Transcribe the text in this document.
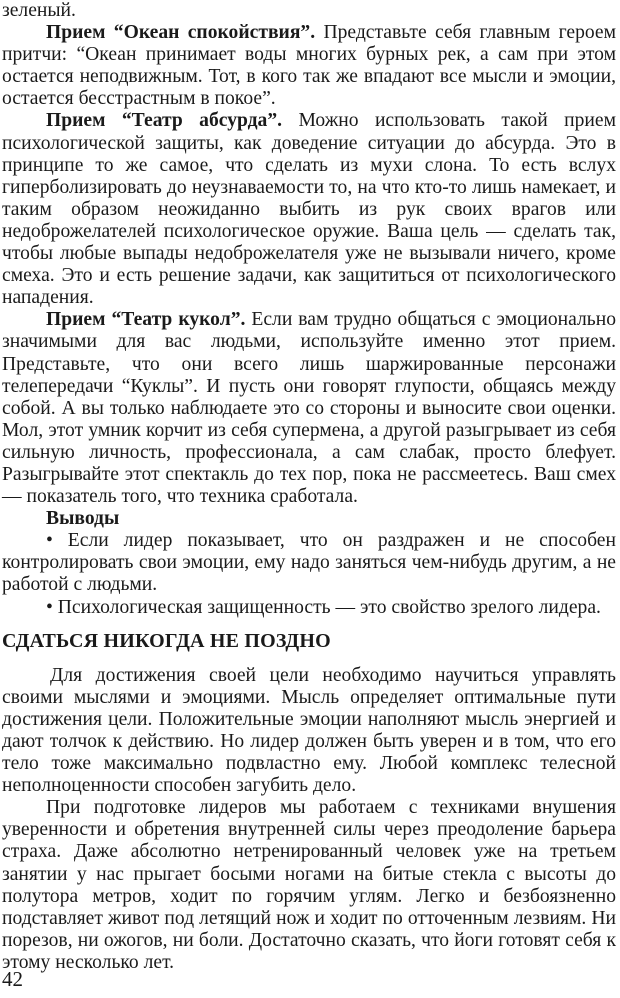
зеленый.

Прием “Океан спокойствия”. Представьте себя главным героем притчи: “Океан принимает воды многих бурных рек, а сам при этом остается неподвижным. Тот, в кого так же впадают все мысли и эмоции, остается бесстрастным в покое”.

Прием “Театр абсурда”. Можно использовать такой прием психологической защиты, как доведение ситуации до абсурда. Это в принципе то же самое, что сделать из мухи слона. То есть вслух гиперболизировать до неузнаваемости то, на что кто-то лишь намекает, и таким образом неожиданно выбить из рук своих врагов или недоброжелателей психологическое оружие. Ваша цель — сделать так, чтобы любые выпады недоброжелателя уже не вызывали ничего, кроме смеха. Это и есть решение задачи, как защититься от психологического нападения.

Прием “Театр кукол”. Если вам трудно общаться с эмоционально значимыми для вас людьми, используйте именно этот прием. Представьте, что они всего лишь шаржированные персонажи телепередачи “Куклы”. И пусть они говорят глупости, общаясь между собой. А вы только наблюдаете это со стороны и выносите свои оценки. Мол, этот умник корчит из себя супермена, а другой разыгрывает из себя сильную личность, профессионала, а сам слабак, просто блефует. Разыгрывайте этот спектакль до тех пор, пока не рассмеетесь. Ваш смех — показатель того, что техника сработала.

Выводы

• Если лидер показывает, что он раздражен и не способен контролировать свои эмоции, ему надо заняться чем-нибудь другим, а не работой с людьми.

• Психологическая защищенность — это свойство зрелого лидера.

СДАТЬСЯ НИКОГДА НЕ ПОЗДНО

Для достижения своей цели необходимо научиться управлять своими мыслями и эмоциями. Мысль определяет оптимальные пути достижения цели. Положительные эмоции наполняют мысль энергией и дают толчок к действию. Но лидер должен быть уверен и в том, что его тело тоже максимально подвластно ему. Любой комплекс телесной неполноценности способен загубить дело.

При подготовке лидеров мы работаем с техниками внушения уверенности и обретения внутренней силы через преодоление барьера страха. Даже абсолютно нетренированный человек уже на третьем занятии у нас прыгает босыми ногами на битые стекла с высоты до полутора метров, ходит по горячим углям. Легко и безбоязненно подставляет живот под летящий нож и ходит по отточенным лезвиям. Ни порезов, ни ожогов, ни боли. Достаточно сказать, что йоги готовят себя к этому несколько лет.

42
